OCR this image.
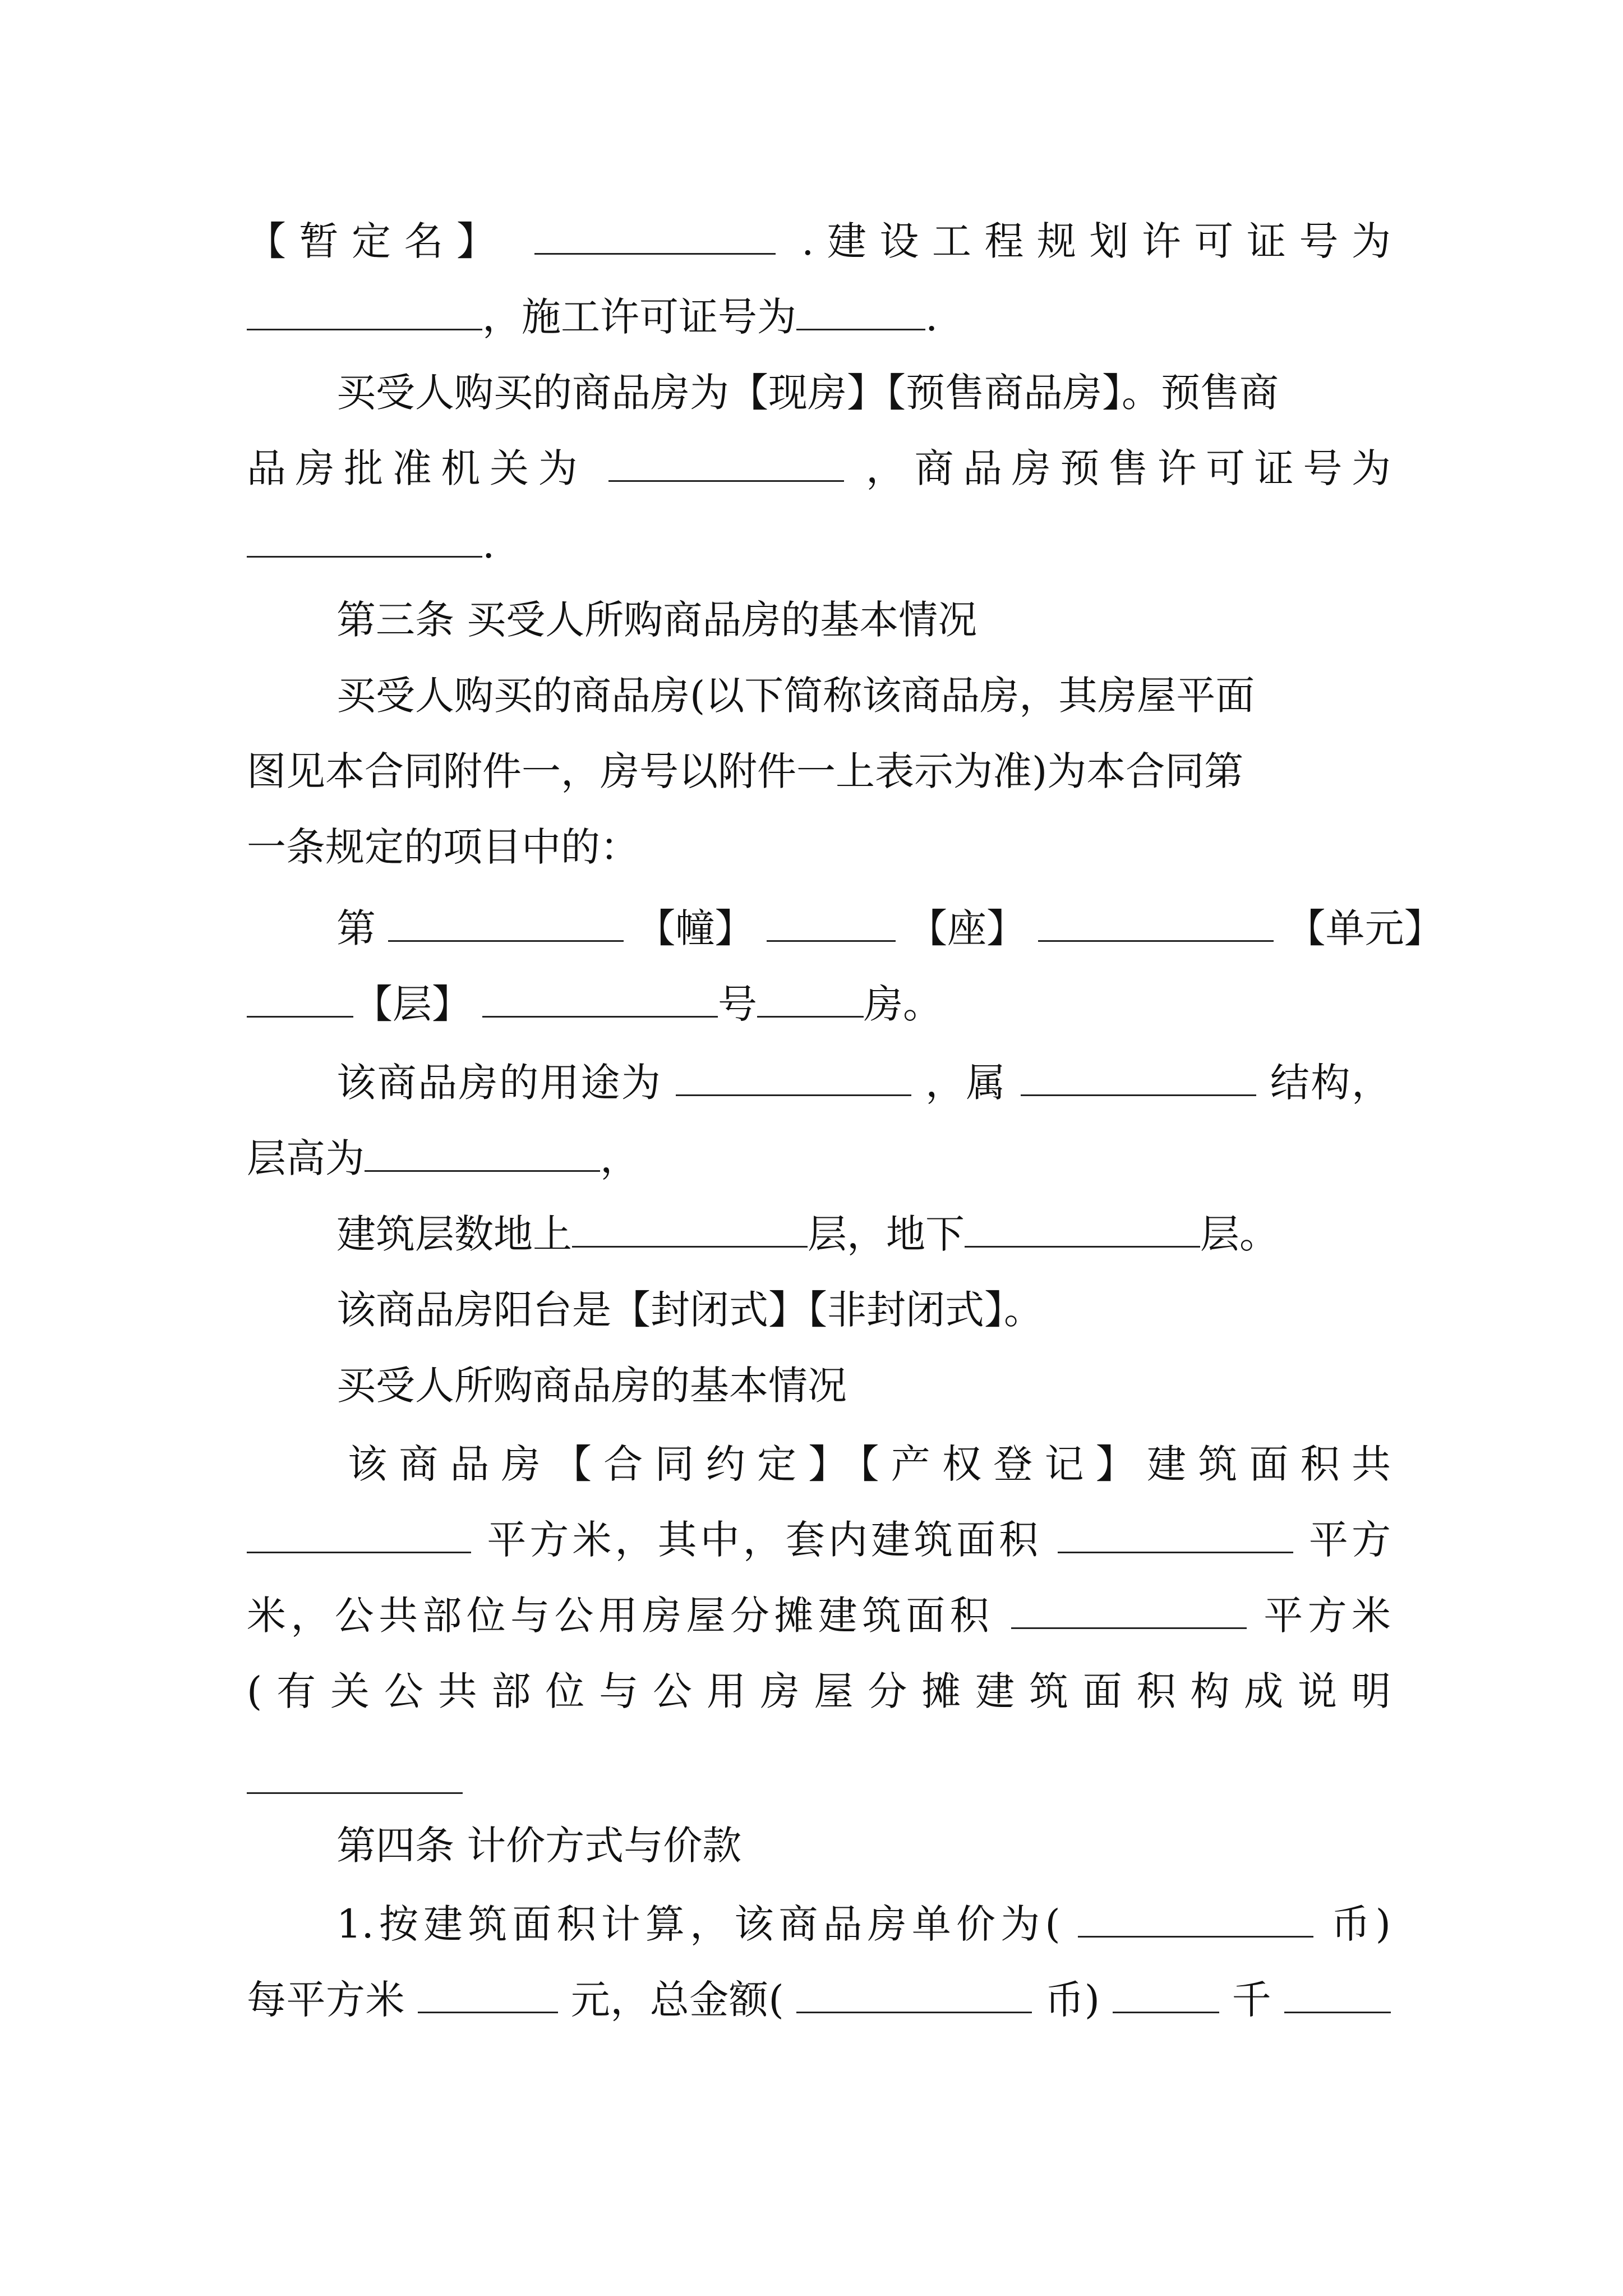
【暂定名】	.建设工程规划许可证号为
，施工许可证号为	.
买受人购买的商品房为【现房】【预售商品房】。预售商
品房批准机关为	，商品房预售许可证号为
.
第三条 买受人所购商品房的基本情况
买受人购买的商品房(以下简称该商品房，其房屋平面
图见本合同附件一，房号以附件一上表示为准)为本合同第
一条规定的项目中的：
第	【幢】	【座】	【单元】
【层】	号	房。
该商品房的用途为	，属	结构，
层高为	，
建筑层数地上	层，地下	层。
该商品房阳台是【封闭式】【非封闭式】。
买受人所购商品房的基本情况
该商品房【合同约定】【产权登记】建筑面积共
平方米，其中，套内建筑面积	平方
米，公共部位与公用房屋分摊建筑面积	平方米
(有关公共部位与公用房屋分摊建筑面积构成说明
第四条 计价方式与价款
1.按建筑面积计算，该商品房单价为(	币)
每平方米	元，总金额(	币)	千
